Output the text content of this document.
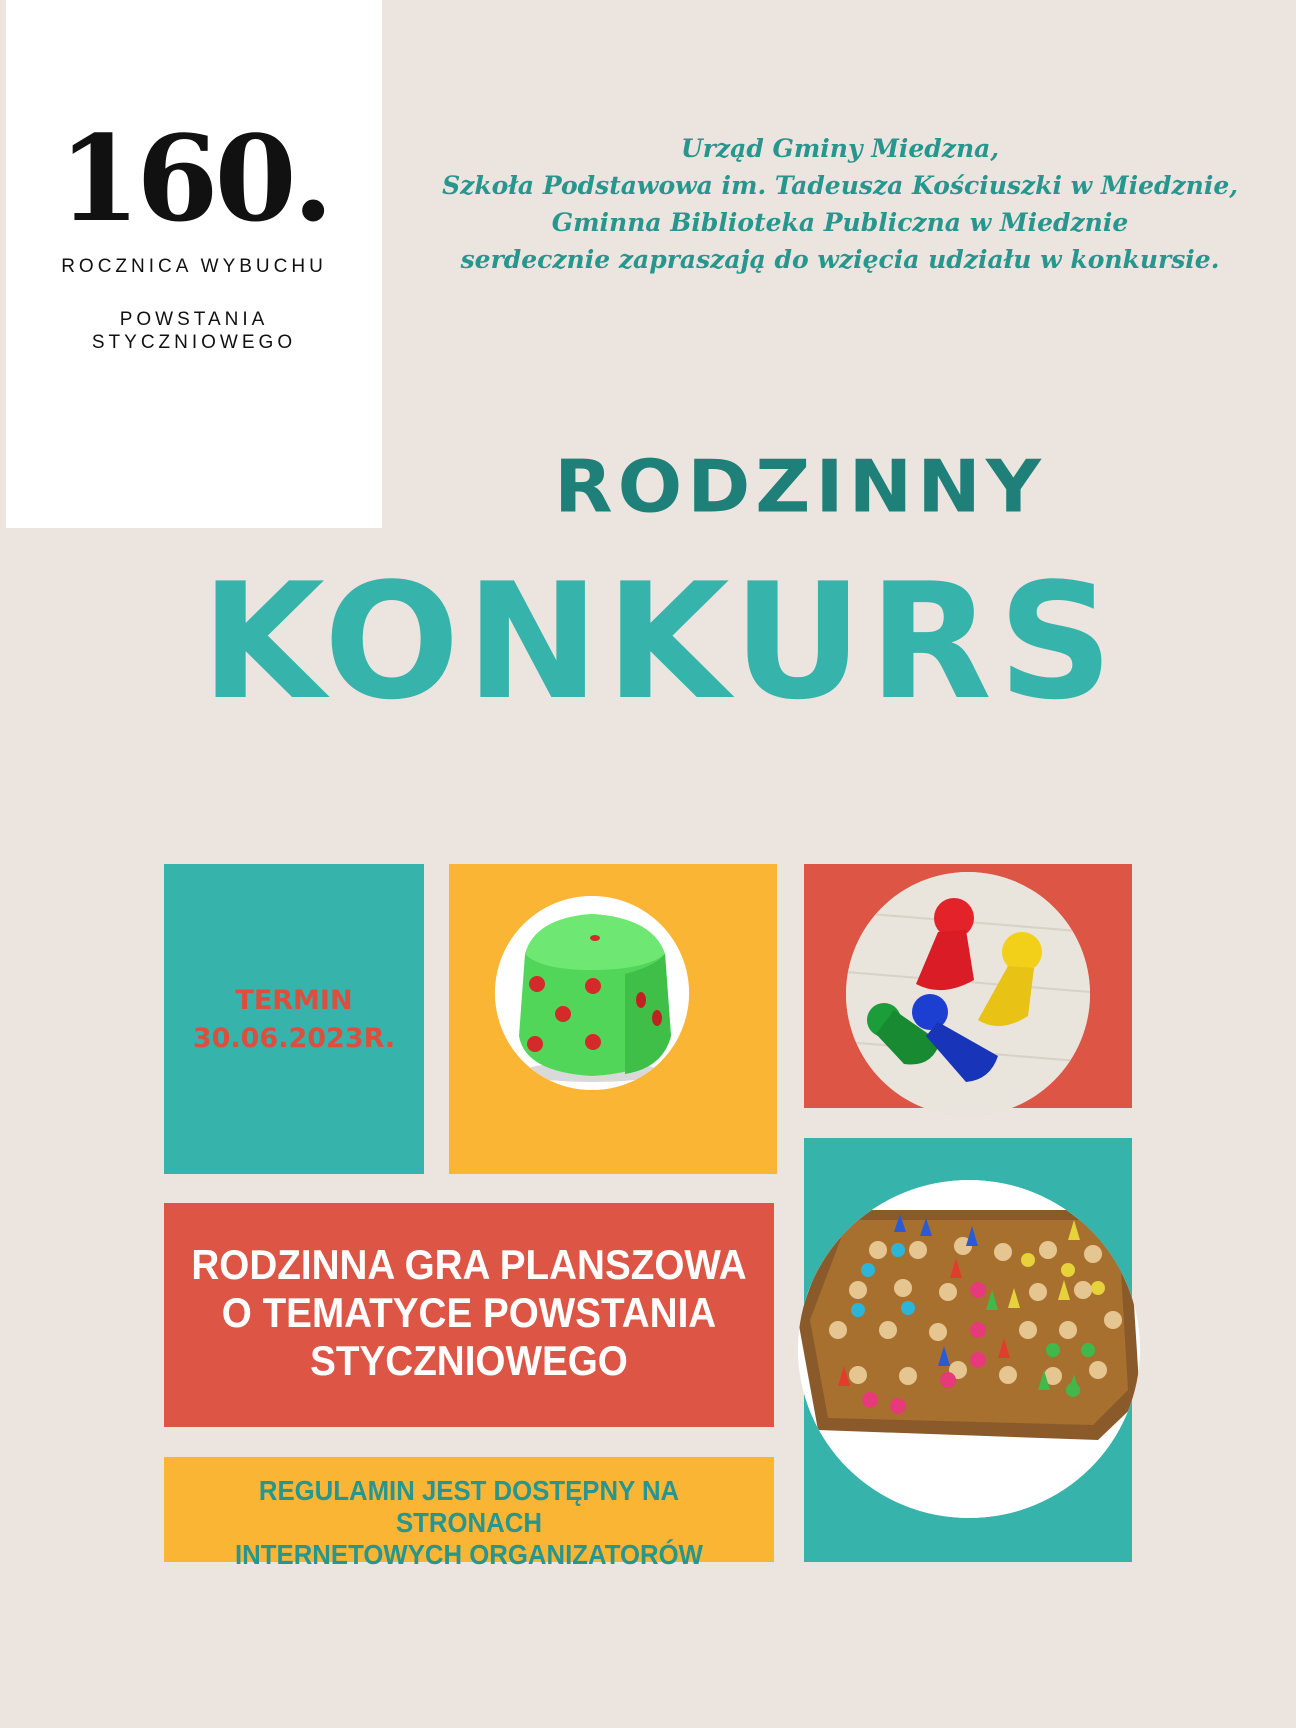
160.
ROCZNICA WYBUCHU
POWSTANIA
STYCZNIOWEGO
Urząd Gminy Miedzna,
Szkoła Podstawowa im. Tadeusza Kościuszki w Miedznie,
Gminna Biblioteka Publiczna w Miedznie
serdecznie zapraszają do wzięcia udziału w konkursie.
RODZINNY
KONKURS
TERMIN
30.06.2023R.
RODZINNA GRA PLANSZOWA
O TEMATYCE POWSTANIA
STYCZNIOWEGO
REGULAMIN JEST DOSTĘPNY NA STRONACH
INTERNETOWYCH ORGANIZATORÓW
